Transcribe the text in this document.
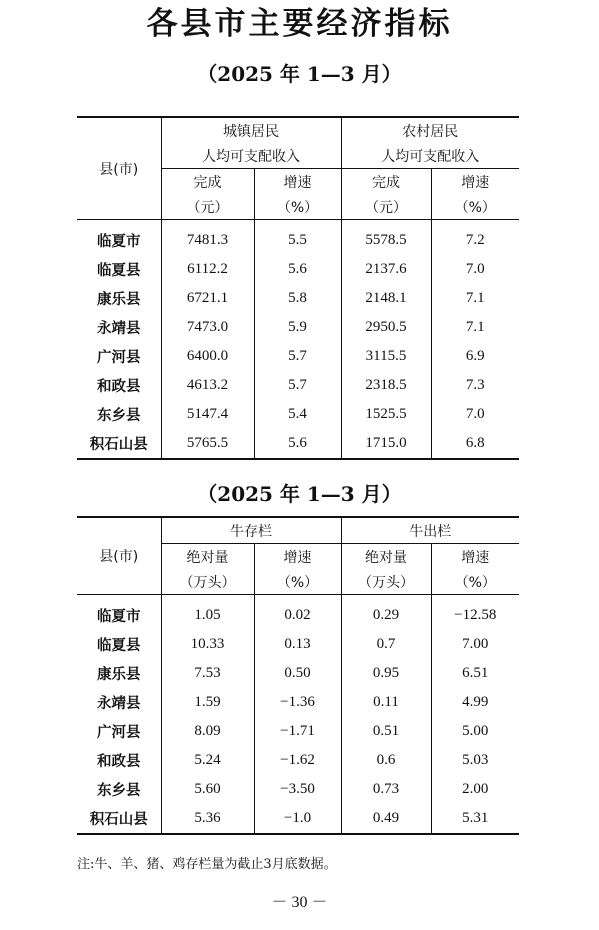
各县市主要经济指标
（2025 年 1—3 月）
县(市)	城镇居民		农村居民	
	人均可支配收入		人均可支配收入	
	完成	增速	完成	增速
	（元）	（%）	（元）	（%）
临夏市	7481.3	5.5	5578.5	7.2
临夏县	6112.2	5.6	2137.6	7.0
康乐县	6721.1	5.8	2148.1	7.1
永靖县	7473.0	5.9	2950.5	7.1
广河县	6400.0	5.7	3115.5	6.9
和政县	4613.2	5.7	2318.5	7.3
东乡县	5147.4	5.4	1525.5	7.0
积石山县	5765.5	5.6	1715.0	6.8
（2025 年 1—3 月）
县(市)	牛存栏		牛出栏	
	绝对量	增速	绝对量	增速
	（万头）	（%）	（万头）	（%）
临夏市	1.05	0.02	0.29	−12.58
临夏县	10.33	0.13	0.7	7.00
康乐县	7.53	0.50	0.95	6.51
永靖县	1.59	−1.36	0.11	4.99
广河县	8.09	−1.71	0.51	5.00
和政县	5.24	−1.62	0.6	5.03
东乡县	5.60	−3.50	0.73	2.00
积石山县	5.36	−1.0	0.49	5.31
注:牛、羊、猪、鸡存栏量为截止3月底数据。
－ 30 －
